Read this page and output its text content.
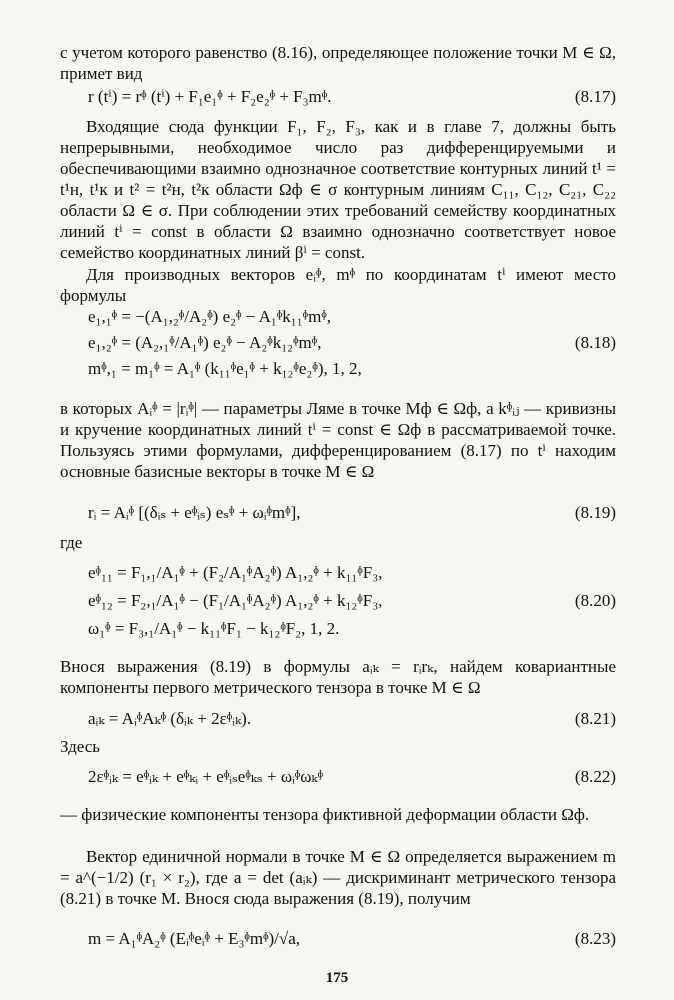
с учетом которого равенство (8.16), определяющее положение точки M ∈ Ω, примет вид

r (tⁱ) = rᶲ (tⁱ) + F₁e₁ᶲ + F₂e₂ᶲ + F₃mᶲ.	(8.17)

Входящие сюда функции F₁, F₂, F₃, как и в главе 7, должны быть непрерывными, необходимое число раз дифференцируемыми и обеспечивающими взаимно однозначное соответствие контурных линий t¹ = t¹н, t¹к и t² = t²н, t²к области Ωф ∈ σ контурным линиям C₁₁, C₁₂, C₂₁, C₂₂ области Ω ∈ σ. При соблюдении этих требований семейству координатных линий tⁱ = const в области Ω взаимно однозначно соответствует новое семейство координатных линий βⁱ = const.

Для производных векторов eᵢᶲ, mᶲ по координатам tⁱ имеют место формулы

e₁,₁ᶲ = −(A₁,₂ᶲ/A₂ᶲ) e₂ᶲ − A₁ᶲk₁₁ᶲmᶲ,
e₁,₂ᶲ = (A₂,₁ᶲ/A₁ᶲ) e₂ᶲ − A₂ᶲk₁₂ᶲmᶲ,	(8.18)
mᶲ,₁ = m₁ᶲ = A₁ᶲ (k₁₁ᶲe₁ᶲ + k₁₂ᶲe₂ᶲ), 1, 2,

в которых Aᵢᶲ = |rᵢᶲ| — параметры Ляме в точке Mф ∈ Ωф, a kᶲᵢⱼ — кривизны и кручение координатных линий tⁱ = const ∈ Ωф в рассматриваемой точке. Пользуясь этими формулами, дифференцированием (8.17) по tⁱ находим основные базисные векторы в точке M ∈ Ω

rᵢ = Aᵢᶲ [(δᵢₛ + eᶲᵢₛ) eₛᶲ + ωᵢᶲmᶲ],	(8.19)
где
eᶲ₁₁ = F₁,₁/A₁ᶲ + (F₂/A₁ᶲA₂ᶲ) A₁,₂ᶲ + k₁₁ᶲF₃,
eᶲ₁₂ = F₂,₁/A₁ᶲ − (F₁/A₁ᶲA₂ᶲ) A₁,₂ᶲ + k₁₂ᶲF₃,	(8.20)
ω₁ᶲ = F₃,₁/A₁ᶲ − k₁₁ᶲF₁ − k₁₂ᶲF₂, 1, 2.

Внося выражения (8.19) в формулы aᵢₖ = rᵢrₖ, найдем ковариантные компоненты первого метрического тензора в точке M ∈ Ω

aᵢₖ = AᵢᶲAₖᶲ (δᵢₖ + 2εᶲᵢₖ).	(8.21)
Здесь
2εᶲᵢₖ = eᶲᵢₖ + eᶲₖᵢ + eᶲᵢₛeᶲₖₛ + ωᵢᶲωₖᶲ	(8.22)

— физические компоненты тензора фиктивной деформации области Ωф.

Вектор единичной нормали в точке M ∈ Ω определяется выражением m = a^(−1/2) (r₁ × r₂), где a = det (aᵢₖ) — дискриминант метрического тензора (8.21) в точке M. Внося сюда выражения (8.19), получим

m = A₁ᶲA₂ᶲ (Eᵢᶲeᵢᶲ + E₃ᶲmᶲ)/√a,	(8.23)
175
